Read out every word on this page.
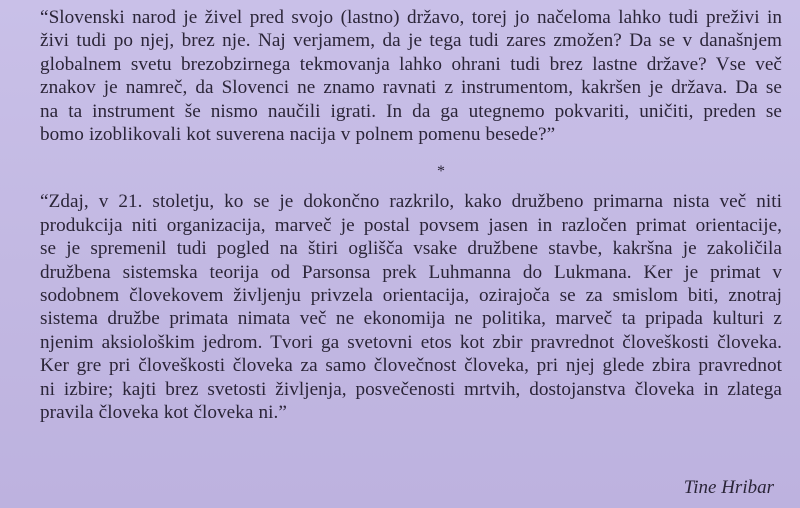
“Slovenski narod je živel pred svojo (lastno) državo, torej jo načeloma lahko tudi preživi in
živi tudi po njej, brez nje. Naj verjamem, da je tega tudi zares zmožen? Da se v današnjem
globalnem svetu brezobzirnega tekmovanja lahko ohrani tudi brez lastne države? Vse več
znakov je namreč, da Slovenci ne znamo ravnati z instrumentom, kakršen je država. Da se
na ta instrument še nismo naučili igrati. In da ga utegnemo pokvariti, uničiti, preden se
bomo izoblikovali kot suverena nacija v polnem pomenu besede?”

*

“Zdaj, v 21. stoletju, ko se je dokončno razkrilo, kako družbeno primarna nista več niti
produkcija niti organizacija, marveč je postal povsem jasen in razločen primat orientacije,
se je spremenil tudi pogled na štiri oglišča vsake družbene stavbe, kakršna je zakoličila
družbena sistemska teorija od Parsonsa prek Luhmanna do Lukmana. Ker je primat v
sodobnem človekovem življenju privzela orientacija, ozirajoča se za smislom biti, znotraj
sistema družbe primata nimata več ne ekonomija ne politika, marveč ta pripada kulturi z
njenim aksiološkim jedrom. Tvori ga svetovni etos kot zbir pravrednot človeškosti človeka.
Ker gre pri človeškosti človeka za samo človečnost človeka, pri njej glede zbira pravrednot
ni izbire; kajti brez svetosti življenja, posvečenosti mrtvih, dostojanstva človeka in zlatega
pravila človeka kot človeka ni.”

Tine Hribar
